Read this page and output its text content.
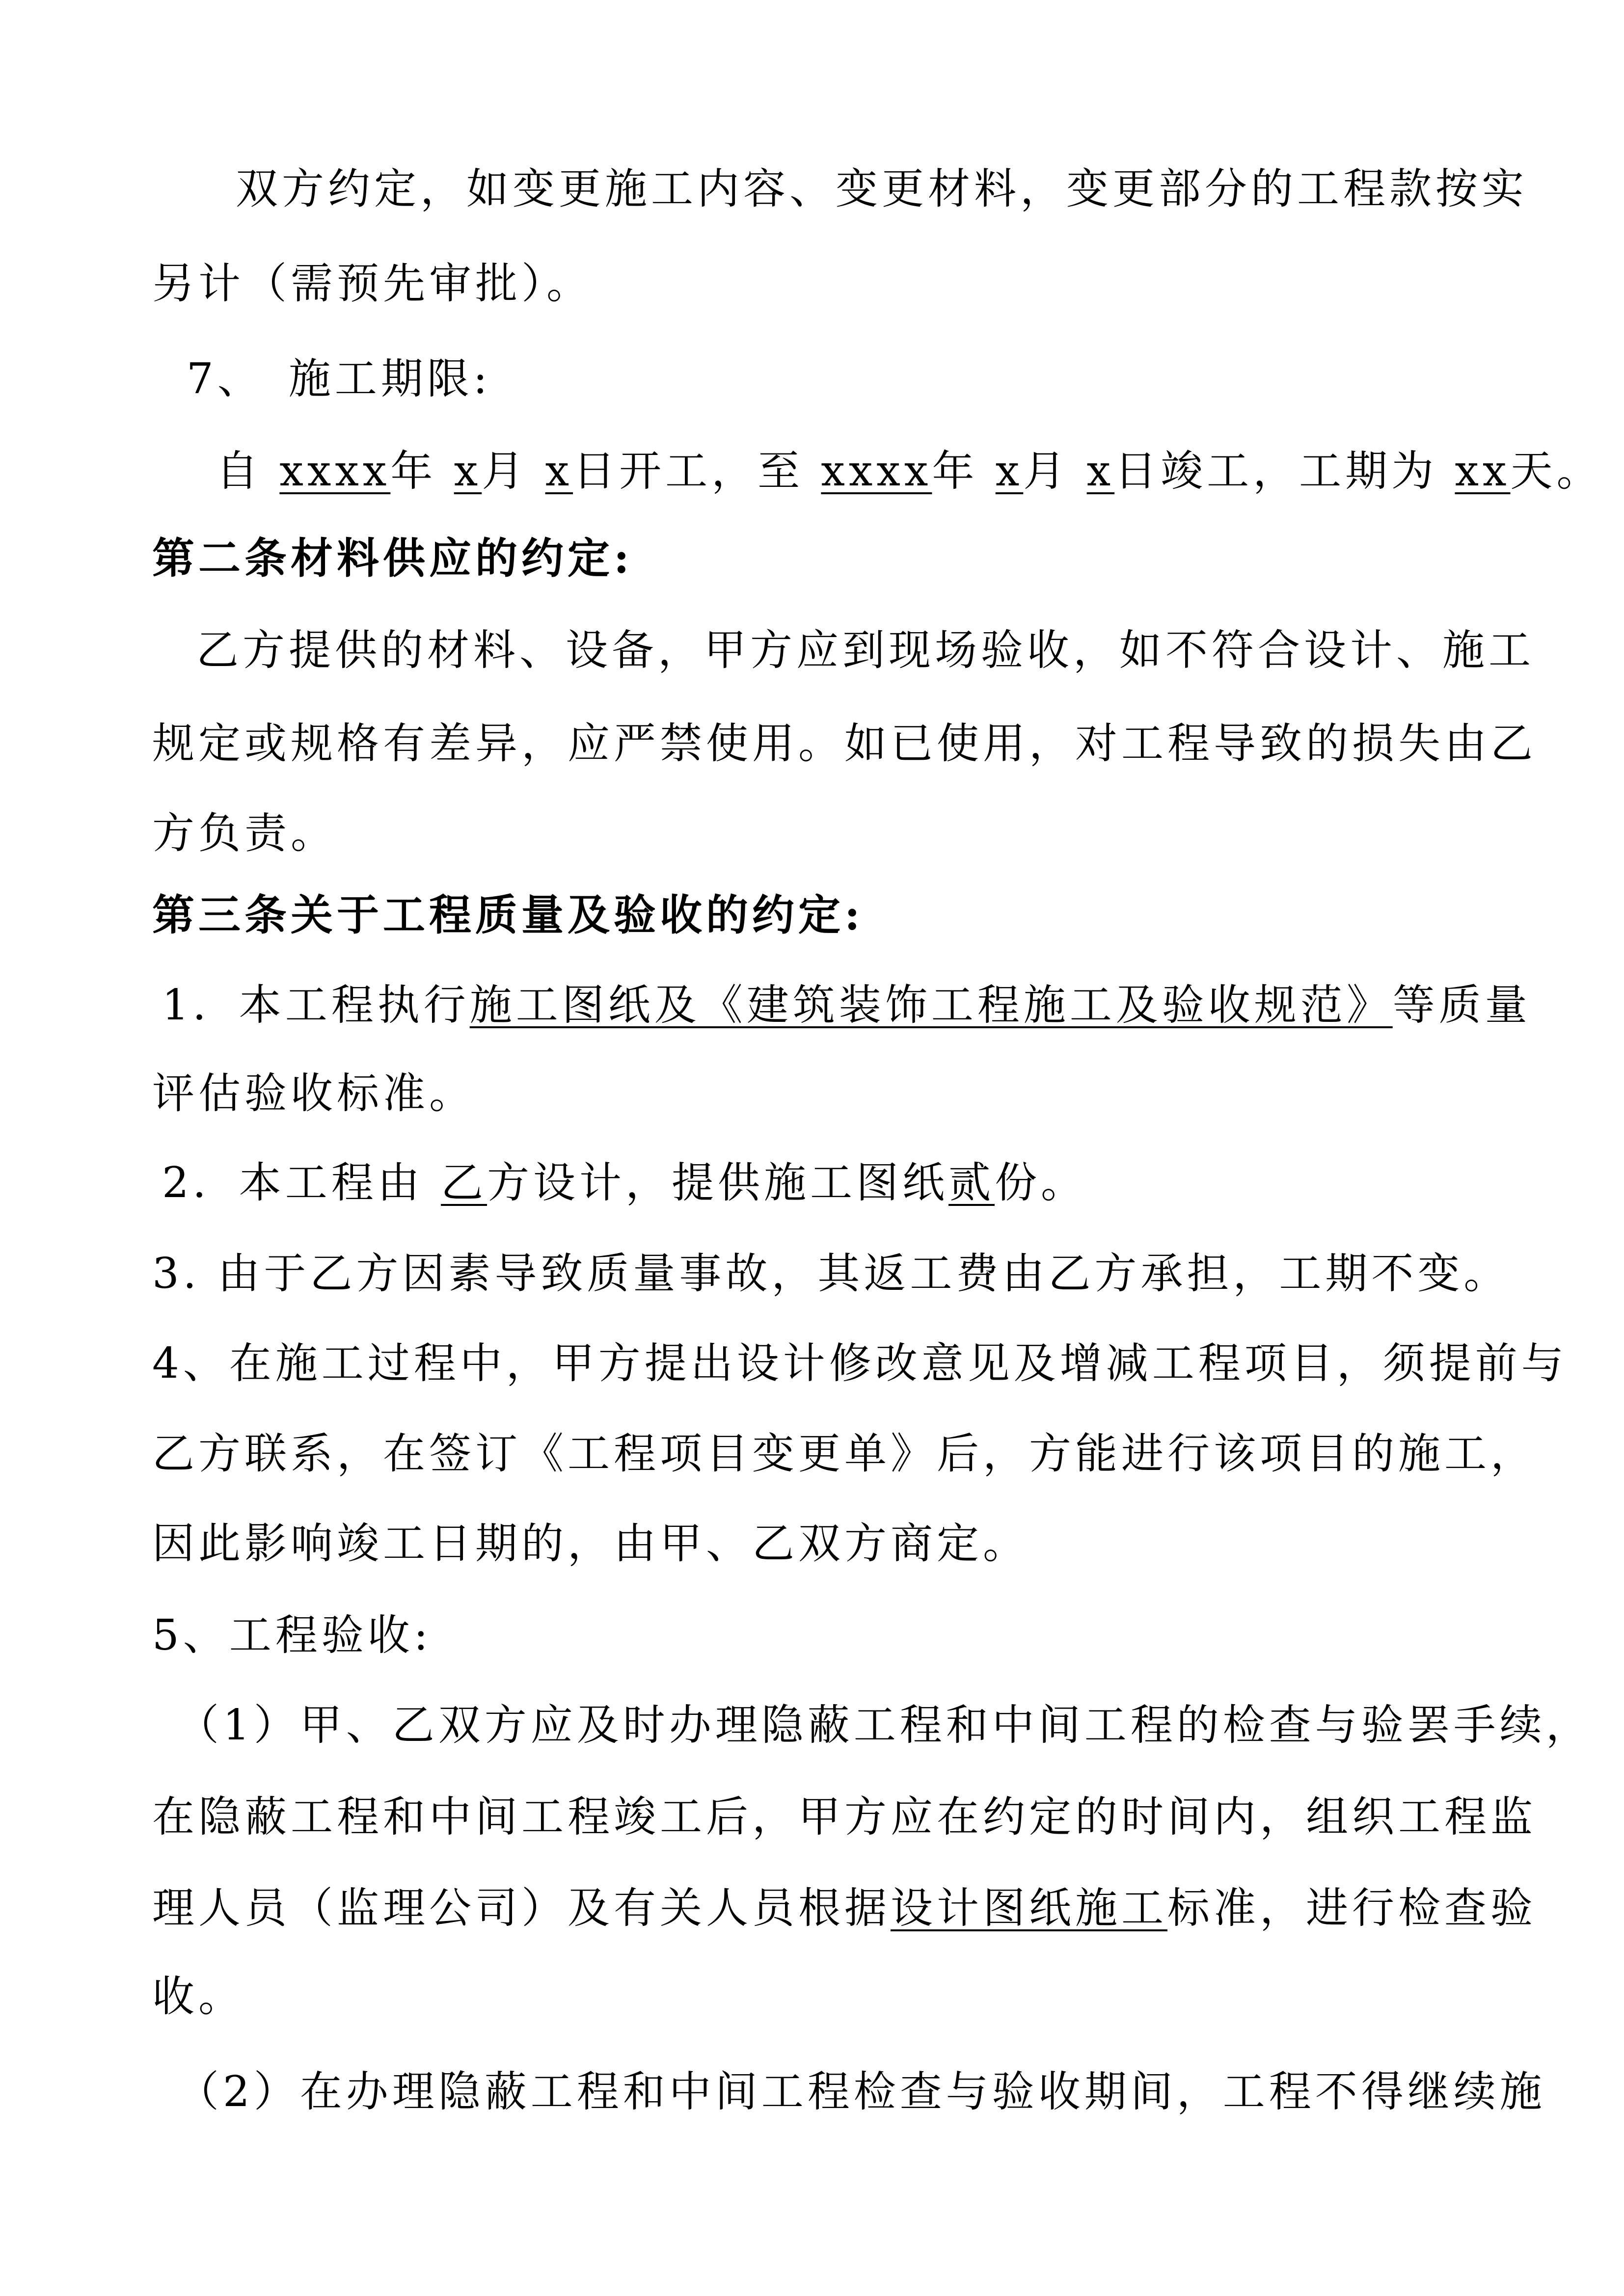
双方约定，如变更施工内容、变更材料，变更部分的工程款按实

另计（需预先审批）。

7、　施工期限:

自 xxxx年 x月 x日开工，至 xxxx年 x月 x日竣工，工期为 xx天。

第二条材料供应的约定:

乙方提供的材料、设备，甲方应到现场验收，如不符合设计、施工

规定或规格有差异，应严禁使用。如已使用，对工程导致的损失由乙

方负责。

第三条关于工程质量及验收的约定:

1．本工程执行施工图纸及《建筑装饰工程施工及验收规范》等质量

评估验收标准。

2．本工程由 乙方设计，提供施工图纸贰份。

3. 由于乙方因素导致质量事故，其返工费由乙方承担，工期不变。

4、在施工过程中，甲方提出设计修改意见及增减工程项目，须提前与

乙方联系，在签订《工程项目变更单》后，方能进行该项目的施工，

因此影响竣工日期的，由甲、乙双方商定。

5、工程验收:

（1）甲、乙双方应及时办理隐蔽工程和中间工程的检查与验罢手续，

在隐蔽工程和中间工程竣工后，甲方应在约定的时间内，组织工程监

理人员（监理公司）及有关人员根据设计图纸施工标准，进行检查验

收。

（2）在办理隐蔽工程和中间工程检查与验收期间，工程不得继续施
